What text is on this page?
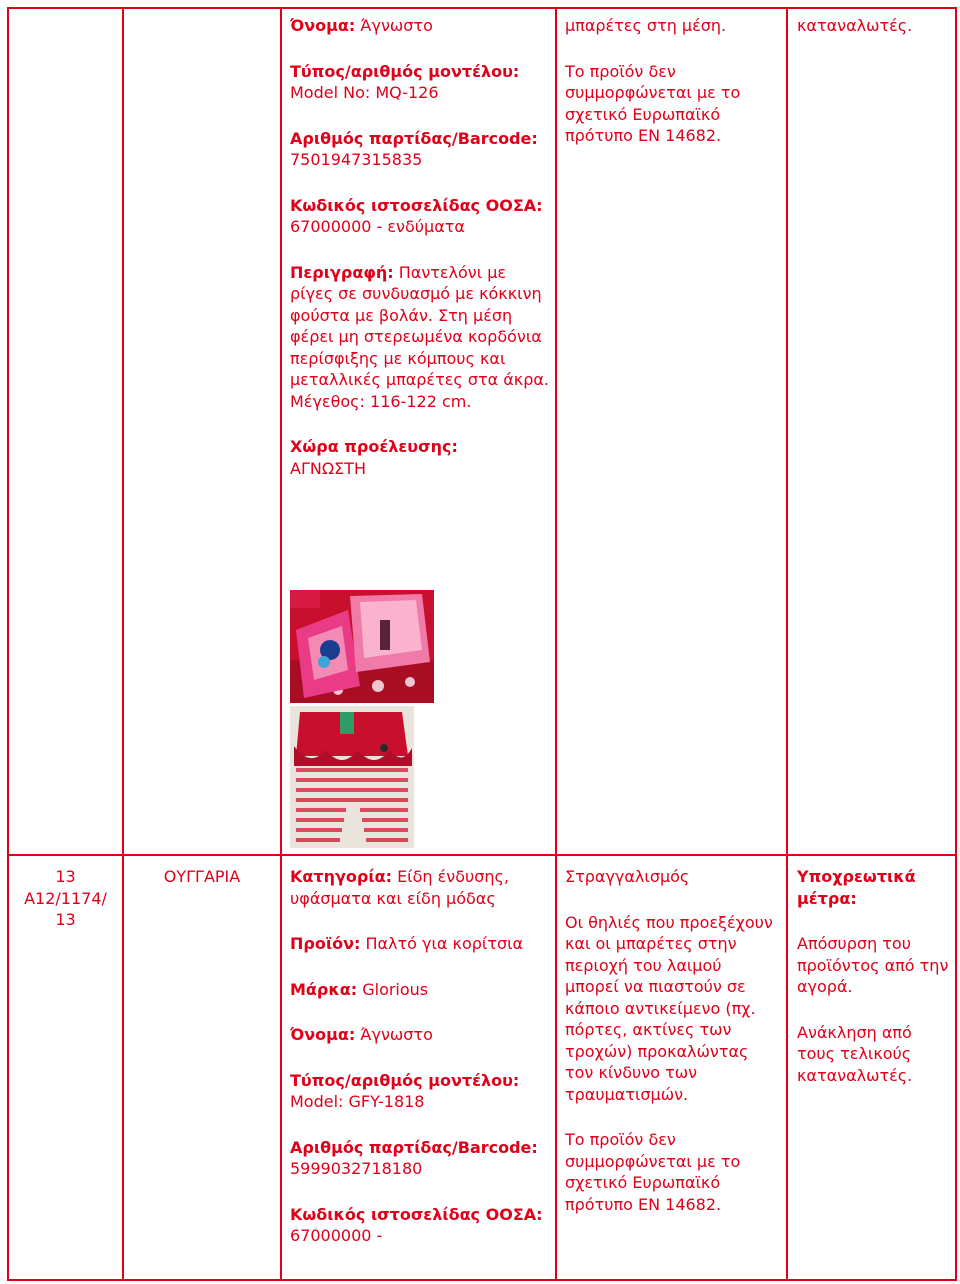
Όνομα: Άγνωστο

Τύπος/αριθμός μοντέλου:
Model No: MQ-126

Αριθμός παρτίδας/Barcode:
7501947315835

Κωδικός ιστοσελίδας ΟΟΣΑ: 67000000 - ενδύματα

Περιγραφή: Παντελόνι με ρίγες σε συνδυασμό με κόκκινη φούστα με βολάν. Στη μέση φέρει μη στερεωμένα κορδόνια περίσφιξης με κόμπους και μεταλλικές μπαρέτες στα άκρα. Μέγεθος: 116-122 cm.

Χώρα προέλευσης:
ΑΓΝΩΣΤΗ

μπαρέτες στη μέση.

Το προϊόν δεν συμμορφώνεται με το σχετικό Ευρωπαϊκό πρότυπο ΕΝ 14682.

καταναλωτές.

13
A12/1174/ 13
ΟΥΓΓΑΡΙΑ	Κατηγορία: Είδη ένδυσης, υφάσματα και είδη μόδας

Προϊόν: Παλτό για κορίτσια

Μάρκα: Glorious

Όνομα: Άγνωστο

Τύπος/αριθμός μοντέλου:
Model: GFY-1818

Αριθμός παρτίδας/Barcode:
5999032718180

Κωδικός ιστοσελίδας ΟΟΣΑ: 67000000 -

Στραγγαλισμός

Οι θηλιές που προεξέχουν και οι μπαρέτες στην περιοχή του λαιμού μπορεί να πιαστούν σε κάποιο αντικείμενο (πχ. πόρτες, ακτίνες των τροχών) προκαλώντας τον κίνδυνο των τραυματισμών.

Το προϊόν δεν συμμορφώνεται με το σχετικό Ευρωπαϊκό πρότυπο ΕΝ 14682.

Υποχρεωτικά μέτρα:

Απόσυρση του προϊόντος από την αγορά.

Ανάκληση από τους τελικούς καταναλωτές.
